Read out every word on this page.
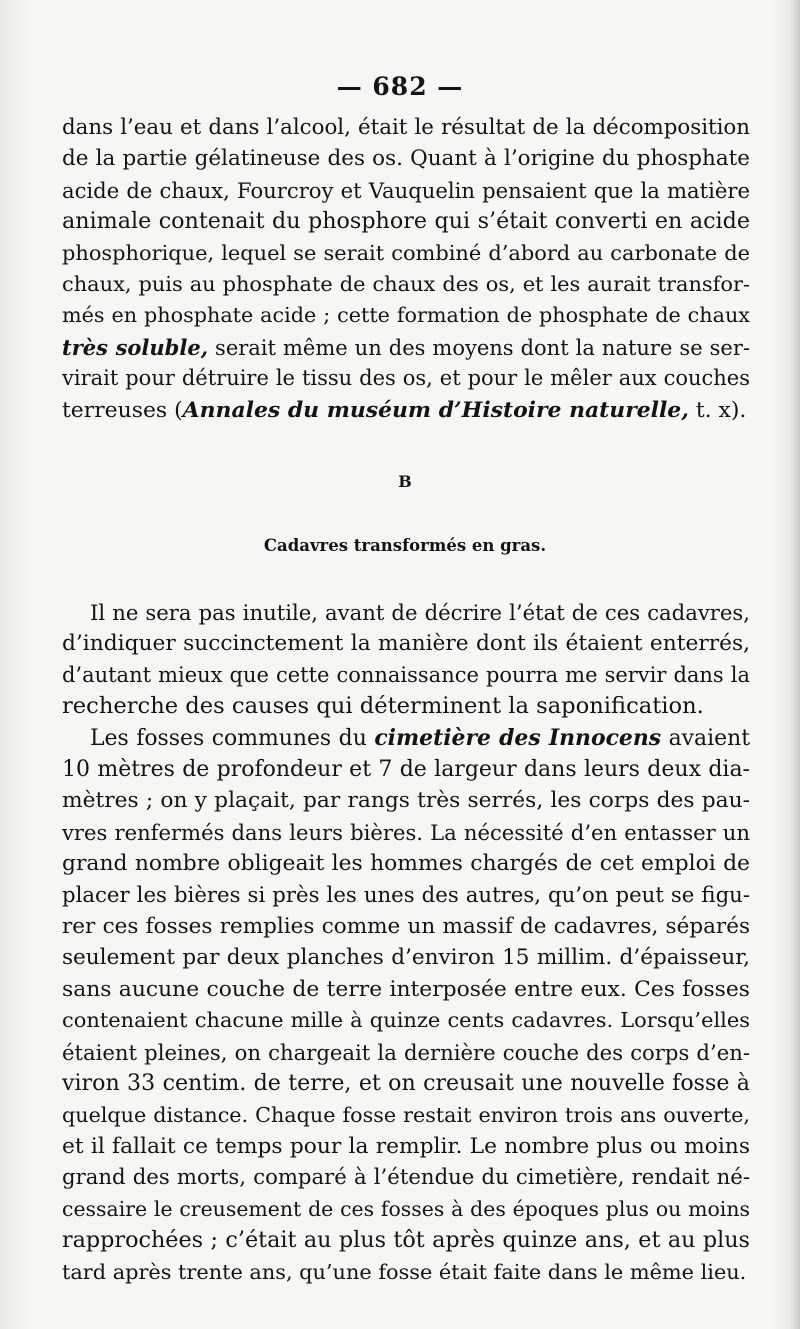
— 682 —

dans l’eau et dans l’alcool, était le résultat de la décomposition
de la partie gélatineuse des os. Quant à l’origine du phosphate
acide de chaux, Fourcroy et Vauquelin pensaient que la matière
animale contenait du phosphore qui s’était converti en acide
phosphorique, lequel se serait combiné d’abord au carbonate de
chaux, puis au phosphate de chaux des os, et les aurait transfor-
més en phosphate acide ; cette formation de phosphate de chaux
très soluble, serait même un des moyens dont la nature se ser-
virait pour détruire le tissu des os, et pour le mêler aux couches
terreuses (Annales du muséum d’Histoire naturelle, t. x).

B
Cadavres transformés en gras.

Il ne sera pas inutile, avant de décrire l’état de ces cadavres,
d’indiquer succinctement la manière dont ils étaient enterrés,
d’autant mieux que cette connaissance pourra me servir dans la
recherche des causes qui déterminent la saponification.
Les fosses communes du cimetière des Innocens avaient
10 mètres de profondeur et 7 de largeur dans leurs deux dia-
mètres ; on y plaçait, par rangs très serrés, les corps des pau-
vres renfermés dans leurs bières. La nécessité d’en entasser un
grand nombre obligeait les hommes chargés de cet emploi de
placer les bières si près les unes des autres, qu’on peut se figu-
rer ces fosses remplies comme un massif de cadavres, séparés
seulement par deux planches d’environ 15 millim. d’épaisseur,
sans aucune couche de terre interposée entre eux. Ces fosses
contenaient chacune mille à quinze cents cadavres. Lorsqu’elles
étaient pleines, on chargeait la dernière couche des corps d’en-
viron 33 centim. de terre, et on creusait une nouvelle fosse à
quelque distance. Chaque fosse restait environ trois ans ouverte,
et il fallait ce temps pour la remplir. Le nombre plus ou moins
grand des morts, comparé à l’étendue du cimetière, rendait né-
cessaire le creusement de ces fosses à des époques plus ou moins
rapprochées ; c’était au plus tôt après quinze ans, et au plus
tard après trente ans, qu’une fosse était faite dans le même lieu.
